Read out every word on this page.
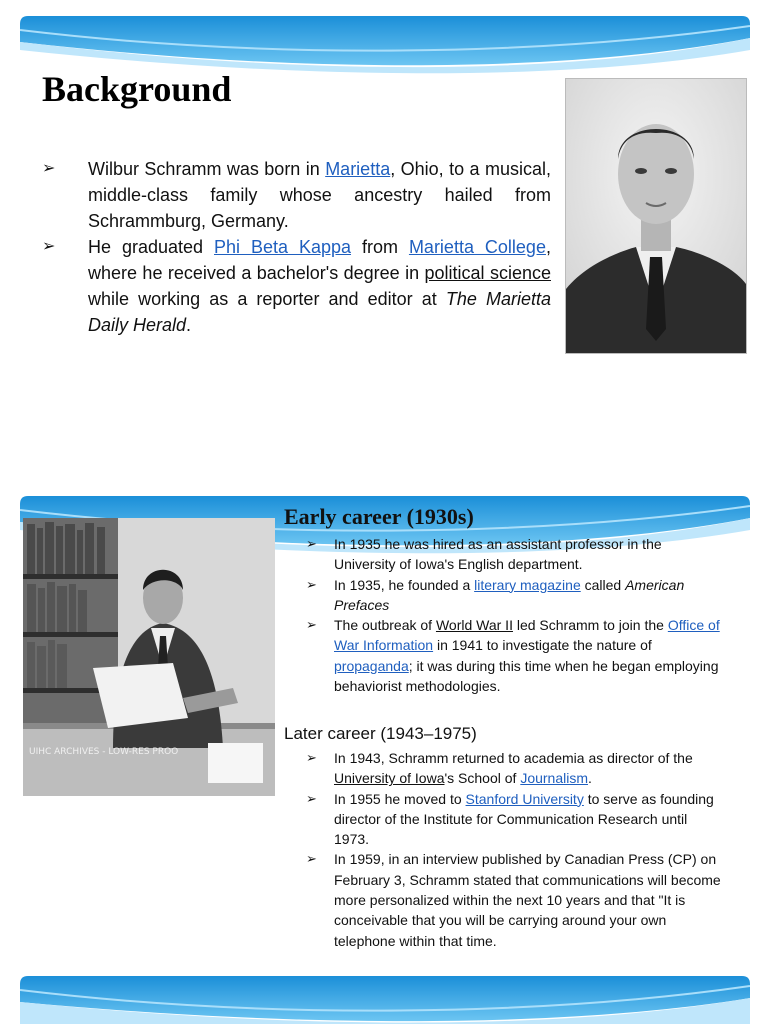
Background
➢ Wilbur Schramm was born in Marietta, Ohio, to a musical, middle-class family whose ancestry hailed from Schrammburg, Germany.
➢ He graduated Phi Beta Kappa from Marietta College, where he received a bachelor's degree in political science while working as a reporter and editor at The Marietta Daily Herald.
UIHC ARCHIVES - LOW-RES PROO
Early career (1930s)
➢ In 1935 he was hired as an assistant professor in the University of Iowa's English department.
➢ In 1935, he founded a literary magazine called American Prefaces
➢ The outbreak of World War II led Schramm to join the Office of War Information in 1941 to investigate the nature of propaganda; it was during this time when he began employing behaviorist methodologies.
Later career (1943–1975)
➢ In 1943, Schramm returned to academia as director of the University of Iowa's School of Journalism.
➢ In 1955 he moved to Stanford University to serve as founding director of the Institute for Communication Research until 1973.
➢ In 1959, in an interview published by Canadian Press (CP) on February 3, Schramm stated that communications will become more personalized within the next 10 years and that "It is conceivable that you will be carrying around your own telephone within that time.
